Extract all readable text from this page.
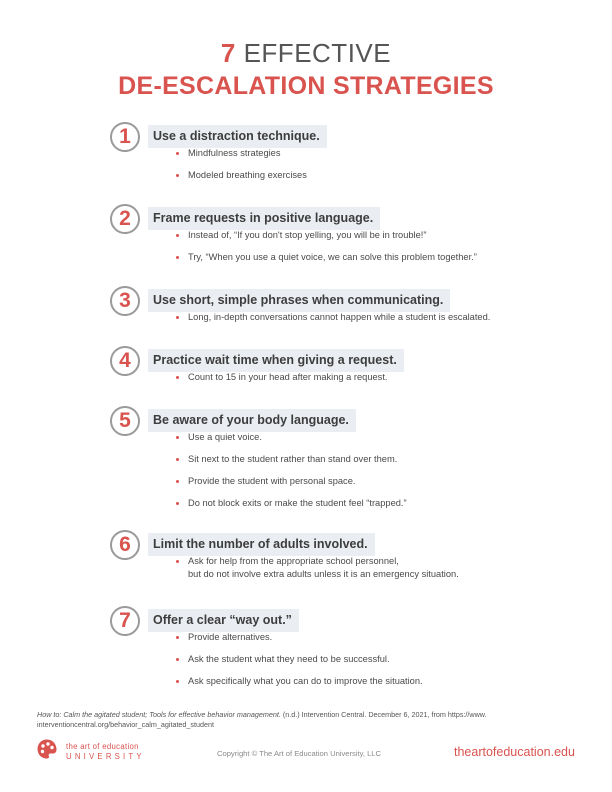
7 EFFECTIVE
DE-ESCALATION STRATEGIES
1	Use a distraction technique.
Mindfulness strategies
Modeled breathing exercises
2	Frame requests in positive language.
Instead of, “If you don't stop yelling, you will be in trouble!”
Try, “When you use a quiet voice, we can solve this problem together.”
3	Use short, simple phrases when communicating.
Long, in-depth conversations cannot happen while a student is escalated.
4	Practice wait time when giving a request.
Count to 15 in your head after making a request.
5	Be aware of your body language.
Use a quiet voice.
Sit next to the student rather than stand over them.
Provide the student with personal space.
Do not block exits or make the student feel “trapped.”
6	Limit the number of adults involved.
Ask for help from the appropriate school personnel,
but do not involve extra adults unless it is an emergency situation.
7	Offer a clear “way out.”
Provide alternatives.
Ask the student what they need to be successful.
Ask specifically what you can do to improve the situation.
How to: Calm the agitated student; Tools for effective behavior management. (n.d.) Intervention Central. December 6, 2021, from https://www.
interventioncentral.org/behavior_calm_agitated_student
the art of education
UNIVERSITY	Copyright © The Art of Education University, LLC	theartofeducation.edu
